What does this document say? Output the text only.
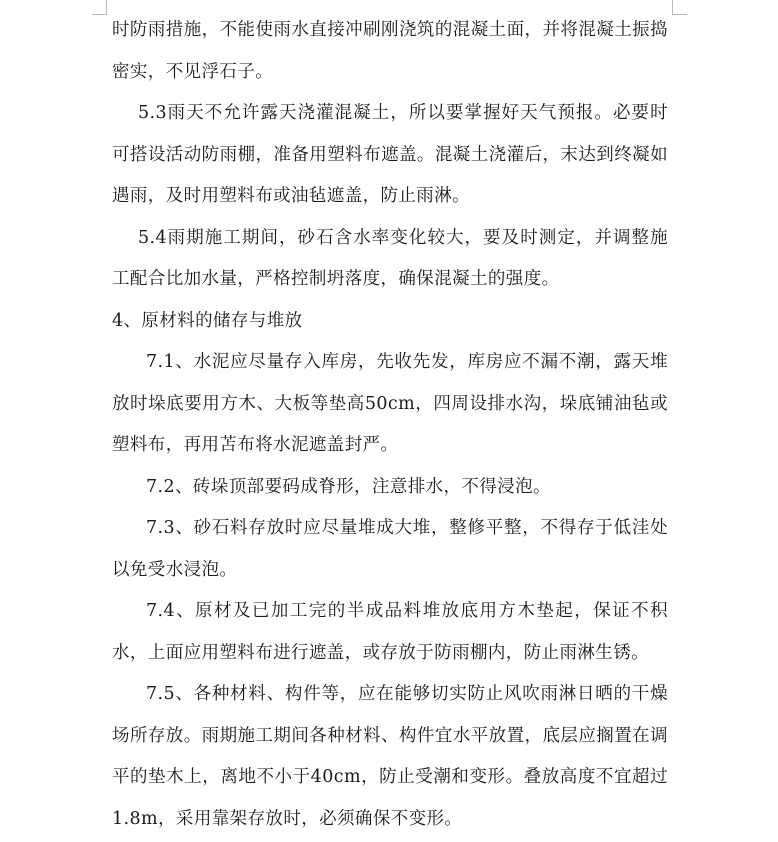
时防雨措施，不能使雨水直接冲刷刚浇筑的混凝土面，并将混凝土振捣密实，不见浮石子。

5.3雨天不允许露天浇灌混凝土，所以要掌握好天气预报。必要时可搭设活动防雨棚，准备用塑料布遮盖。混凝土浇灌后，末达到终凝如遇雨，及时用塑料布或油毡遮盖，防止雨淋。

5.4雨期施工期间，砂石含水率变化较大，要及时测定，并调整施工配合比加水量，严格控制坍落度，确保混凝土的强度。

4、原材料的储存与堆放

7.1、水泥应尽量存入库房，先收先发，库房应不漏不潮，露天堆放时垛底要用方木、大板等垫高50cm，四周设排水沟，垛底铺油毡或塑料布，再用苫布将水泥遮盖封严。

7.2、砖垛顶部要码成脊形，注意排水，不得浸泡。

7.3、砂石料存放时应尽量堆成大堆，整修平整，不得存于低洼处以免受水浸泡。

7.4、原材及已加工完的半成品料堆放底用方木垫起，保证不积水，上面应用塑料布进行遮盖，或存放于防雨棚内，防止雨淋生锈。

7.5、各种材料、构件等，应在能够切实防止风吹雨淋日晒的干燥场所存放。雨期施工期间各种材料、构件宜水平放置，底层应搁置在调平的垫木上，离地不小于40cm，防止受潮和变形。叠放高度不宜超过1.8m，采用靠架存放时，必须确保不变形。
